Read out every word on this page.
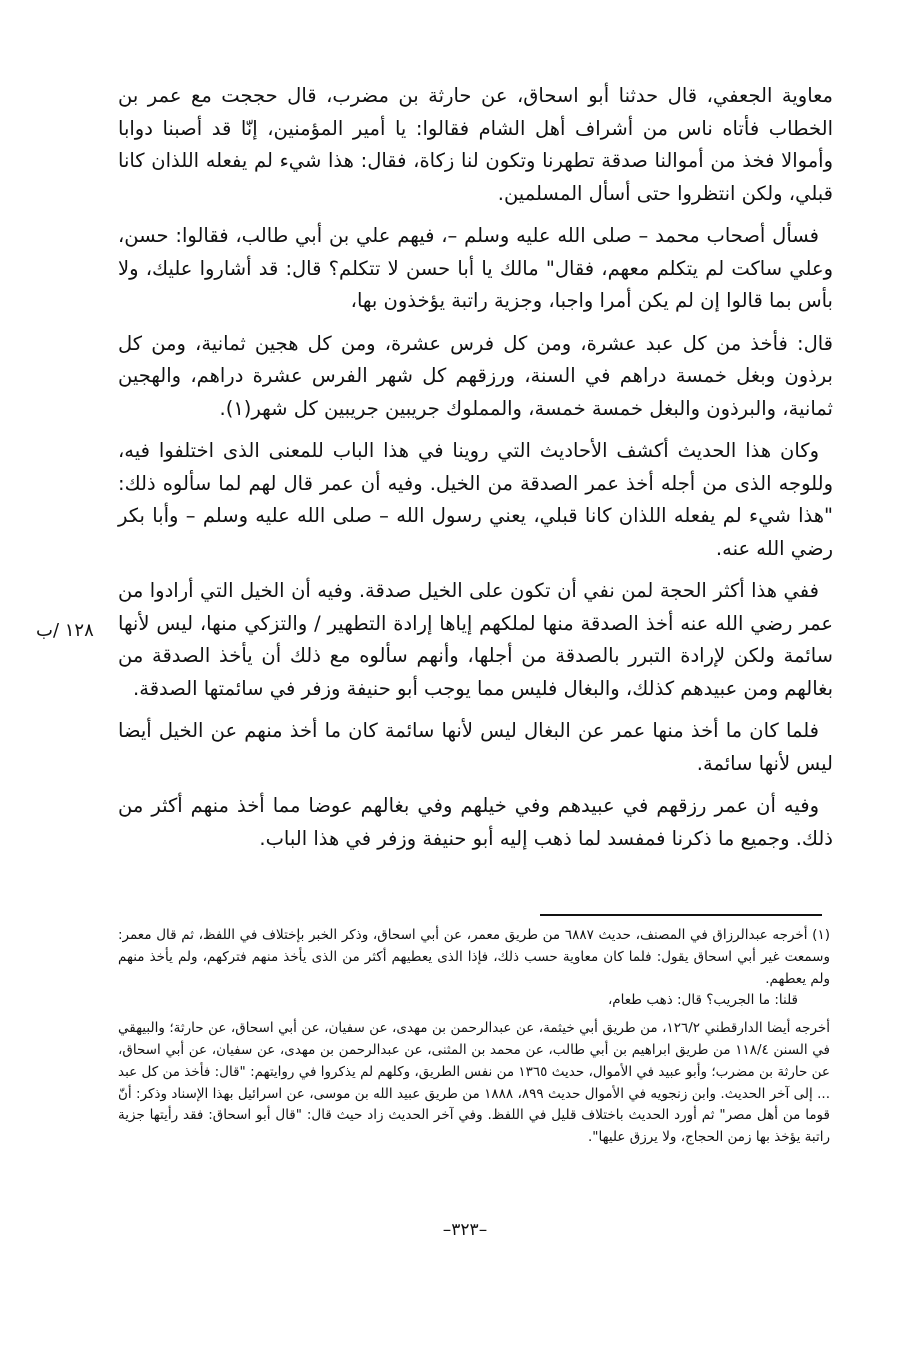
معاوية الجعفي، قال حدثنا أبو اسحاق، عن حارثة بن مضرب، قال حججت مع عمر بن الخطاب فأتاه ناس من أشراف أهل الشام فقالوا: يا أمير المؤمنين، إنّا قد أصبنا دوابا وأموالا فخذ من أموالنا صدقة تطهرنا وتكون لنا زكاة، فقال: هذا شيء لم يفعله اللذان كانا قبلي، ولكن انتظروا حتى أسأل المسلمين.

فسأل أصحاب محمد – صلى الله عليه وسلم –، فيهم علي بن أبي طالب، فقالوا: حسن، وعلي ساكت لم يتكلم معهم، فقال" مالك يا أبا حسن لا تتكلم؟ قال: قد أشاروا عليك، ولا بأس بما قالوا إن لم يكن أمرا واجبا، وجزية راتبة يؤخذون بها،

قال: فأخذ من كل عبد عشرة، ومن كل فرس عشرة، ومن كل هجين ثمانية، ومن كل برذون وبغل خمسة دراهم في السنة، ورزقهم كل شهر الفرس عشرة دراهم، والهجين ثمانية، والبرذون والبغل خمسة خمسة، والمملوك جريبين جريبين كل شهر(١).

وكان هذا الحديث أكشف الأحاديث التي روينا في هذا الباب للمعنى الذى اختلفوا فيه، وللوجه الذى من أجله أخذ عمر الصدقة من الخيل. وفيه أن عمر قال لهم لما سألوه ذلك: "هذا شيء لم يفعله اللذان كانا قبلي، يعني رسول الله – صلى الله عليه وسلم – وأبا بكر رضي الله عنه.

ففي هذا أكثر الحجة لمن نفي أن تكون على الخيل صدقة. وفيه أن الخيل التي أرادوا من عمر رضي الله عنه أخذ الصدقة منها لملكهم إياها إرادة التطهير / والتزكي منها، ليس لأنها سائمة ولكن لإرادة التبرر بالصدقة من أجلها، وأنهم سألوه مع ذلك أن يأخذ الصدقة من بغالهم ومن عبيدهم كذلك، والبغال فليس مما يوجب أبو حنيفة وزفر في سائمتها الصدقة.

فلما كان ما أخذ منها عمر عن البغال ليس لأنها سائمة كان ما أخذ منهم عن الخيل أيضا ليس لأنها سائمة.

وفيه أن عمر رزقهم في عبيدهم وفي خيلهم وفي بغالهم عوضا مما أخذ منهم أكثر من ذلك. وجميع ما ذكرنا فمفسد لما ذهب إليه أبو حنيفة وزفر في هذا الباب.

١٢٨ /ب

(١) أخرجه عبدالرزاق في المصنف، حديث ٦٨٨٧ من طريق معمر، عن أبي اسحاق، وذكر الخبر بإختلاف في اللفظ، ثم قال معمر: وسمعت غير أبي اسحاق يقول: فلما كان معاوية حسب ذلك، فإذا الذى يعطيهم أكثر من الذى يأخذ منهم فتركهم، ولم يأخذ منهم ولم يعطهم.

قلنا: ما الجريب؟ قال: ذهب طعام،

أخرجه أيضا الدارقطني ١٢٦/٢، من طريق أبي خيثمة، عن عبدالرحمن بن مهدى، عن سفيان، عن أبي اسحاق، عن حارثة؛ والبيهقي في السنن ١١٨/٤ من طريق ابراهيم بن أبي طالب، عن محمد بن المثنى، عن عبدالرحمن بن مهدى، عن سفيان، عن أبي اسحاق، عن حارثة بن مضرب؛ وأبو عبيد في الأموال، حديث ١٣٦٥ من نفس الطريق، وكلهم لم يذكروا في روايتهم: "قال: فأخذ من كل عبد ... إلى آخر الحديث. وابن زنجويه في الأموال حديث ٨٩٩، ١٨٨٨ من طريق عبيد الله بن موسى، عن اسرائيل بهذا الإسناد وذكر: أنّ قوما من أهل مصر" ثم أورد الحديث باختلاف قليل في اللفظ. وفي آخر الحديث زاد حيث قال: "قال أبو اسحاق: فقد رأيتها جزية راتبة يؤخذ بها زمن الحجاج، ولا يرزق عليها".

–٣٢٣–
